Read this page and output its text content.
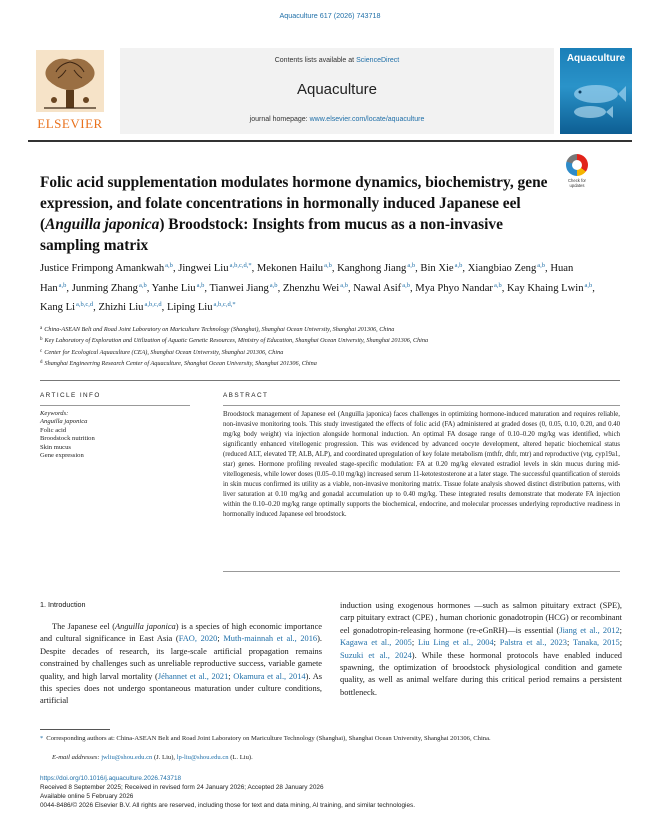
Aquaculture 617 (2026) 743718
ELSEVIER
Contents lists available at ScienceDirect
Aquaculture
journal homepage: www.elsevier.com/locate/aquaculture
Aquaculture
Folic acid supplementation modulates hormone dynamics, biochemistry, gene expression, and folate concentrations in hormonally induced Japanese eel (Anguilla japonica) Broodstock: Insights from mucus as a non-invasive sampling matrix
Check for
updates
Justice Frimpong Amankwah$^{a,b}$, Jingwei Liu$^{a,b,c,d,*}$, Mekonen Hailu$^{a,b}$, Kanghong Jiang$^{a,b}$, Bin Xie$^{a,b}$, Xiangbiao Zeng$^{a,b}$, Huan Han$^{a,b}$, Junming Zhang$^{a,b}$, Yanhe Liu$^{a,b}$, Tianwei Jiang$^{a,b}$, Zhenzhu Wei$^{a,b}$, Nawal Asif$^{a,b}$, Mya Phyo Nandar$^{a,b}$, Kay Khaing Lwin$^{a,b}$, Kang Li$^{a,b,c,d}$, Zhizhi Liu$^{a,b,c,d}$, Liping Liu$^{a,b,c,d,*}$
$^a$ China-ASEAN Belt and Road Joint Laboratory on Mariculture Technology (Shanghai), Shanghai Ocean University, Shanghai 201306, China
$^b$ Key Laboratory of Exploration and Utilization of Aquatic Genetic Resources, Ministry of Education, Shanghai Ocean University, Shanghai 201306, China
$^c$ Center for Ecological Aquaculture (CEA), Shanghai Ocean University, Shanghai 201306, China
$^d$ Shanghai Engineering Research Center of Aquaculture, Shanghai Ocean University, Shanghai 201306, China
ARTICLE INFO
Keywords:
Anguilla japonica
Folic acid
Broodstock nutrition
Skin mucus
Gene expression
ABSTRACT

Broodstock management of Japanese eel (Anguilla japonica) faces challenges in optimizing hormone-induced maturation and requires reliable, non-invasive monitoring tools. This study investigated the effects of folic acid (FA) administered at graded doses (0, 0.05, 0.10, 0.20, and 0.40 mg/kg body weight) via injection alongside hormonal induction. An optimal FA dosage range of 0.10–0.20 mg/kg was identified, which significantly enhanced vitellogenic progression. This was evidenced by advanced oocyte development, altered hepatic biochemical status (reduced ALT, elevated TP, ALB, ALP), and coordinated upregulation of key folate metabolism (mthfr, dhfr, mtr) and reproductive (vtg, cyp19a1, star) genes. Hormone profiling revealed stage-specific modulation: FA at 0.20 mg/kg elevated estradiol levels in skin mucus during mid-vitellogenesis, while lower doses (0.05–0.10 mg/kg) increased serum 11-ketotestosterone at a later stage. The successful quantification of steroids in skin mucus confirmed its utility as a viable, non-invasive monitoring matrix. Tissue folate analysis showed distinct distribution patterns, with liver saturation at 0.10 mg/kg and gonadal accumulation up to 0.40 mg/kg. These integrated results demonstrate that moderate FA injection within the 0.10–0.20 mg/kg range optimally supports the biochemical, endocrine, and molecular processes underlying reproductive readiness in hormonally induced Japanese eel broodstock.

1. Introduction

The Japanese eel (Anguilla japonica) is a species of high economic importance and cultural significance in East Asia (FAO, 2020; Muth-mainnah et al., 2016). Despite decades of research, its large-scale artificial propagation remains constrained by challenges such as unreliable reproductive success, variable gamete quality, and high larval mortality (Jéhannet et al., 2021; Okamura et al., 2014). As this species does not undergo spontaneous maturation under culture conditions, artificial

induction using exogenous hormones —such as salmon pituitary extract (SPE), carp pituitary extract (CPE) , human chorionic gonadotropin (HCG) or recombinant eel gonadotropin-releasing hormone (re-eGnRH)—is essential (Jiang et al., 2012; Kagawa et al., 2005; Liu Ling et al., 2004; Palstra et al., 2023; Tanaka, 2015; Suzuki et al., 2024). While these hormonal protocols have enabled induced spawning, the optimization of broodstock physiological condition and gamete quality, as well as animal welfare during this critical period remains a persistent bottleneck.

* Corresponding authors at: China-ASEAN Belt and Road Joint Laboratory on Mariculture Technology (Shanghai), Shanghai Ocean University, Shanghai 201306, China.
E-mail addresses: jwliu@shou.edu.cn (J. Liu), lp-liu@shou.edu.cn (L. Liu).
https://doi.org/10.1016/j.aquaculture.2026.743718
Received 8 September 2025; Received in revised form 24 January 2026; Accepted 28 January 2026
Available online 5 February 2026
0044-8486/© 2026 Elsevier B.V. All rights are reserved, including those for text and data mining, AI training, and similar technologies.
